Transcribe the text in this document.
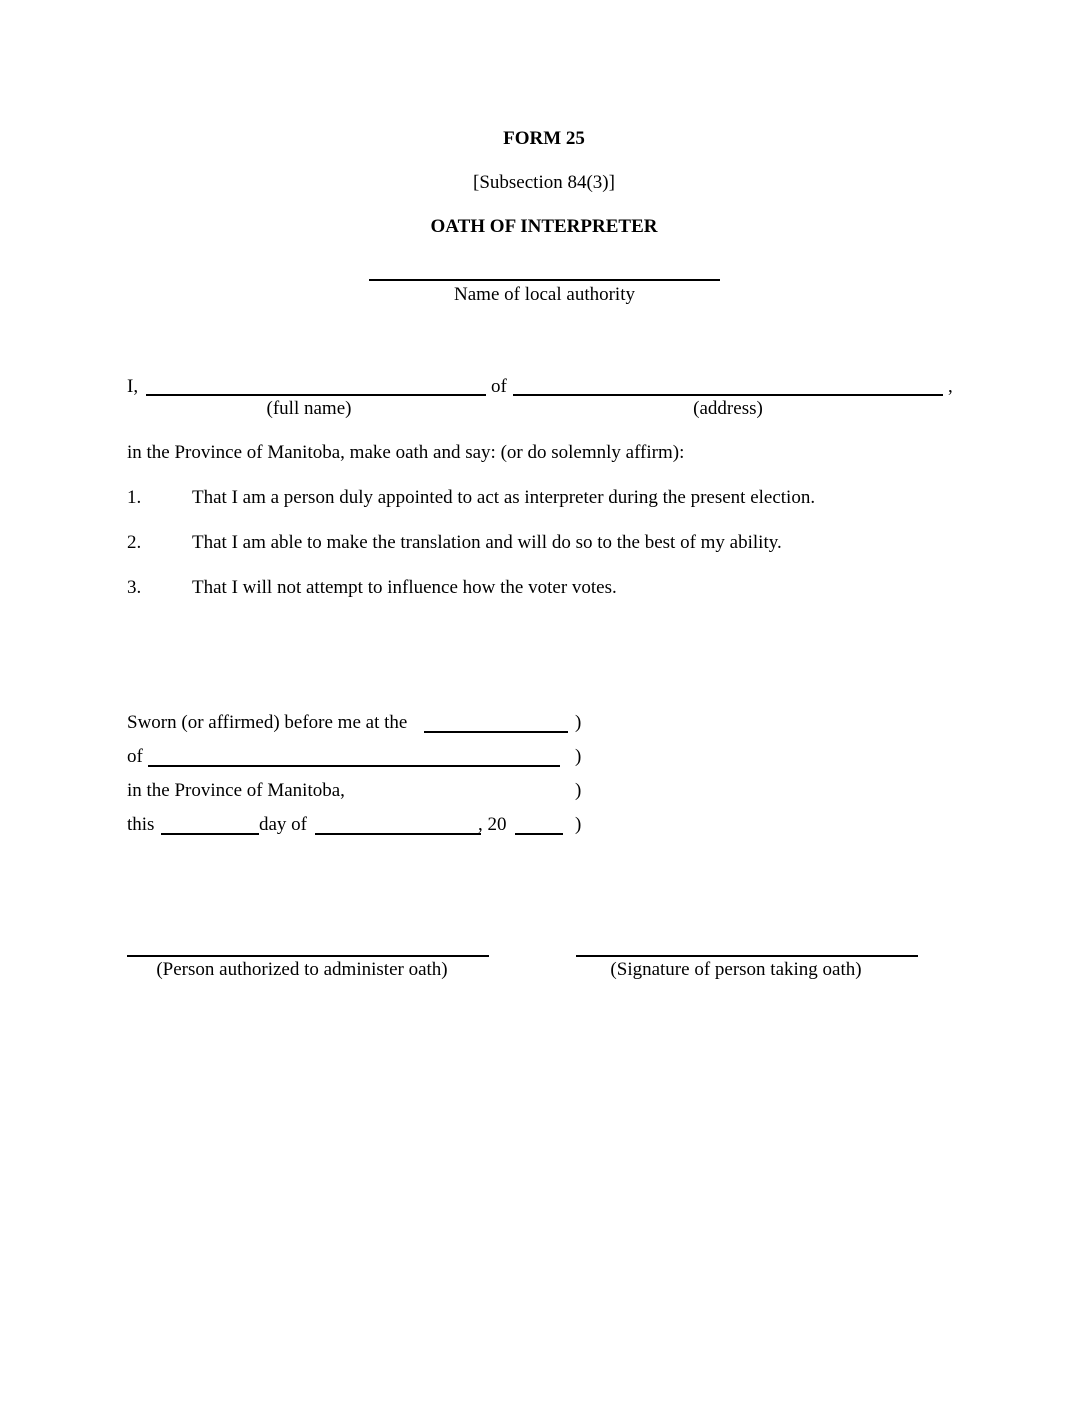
FORM 25
[Subsection 84(3)]
OATH OF INTERPRETER
Name of local authority
I,	of	,
(full name)	(address)
in the Province of Manitoba, make oath and say: (or do solemnly affirm):
1.	That I am a person duly appointed to act as interpreter during the present election.
2.	That I am able to make the translation and will do so to the best of my ability.
3.	That I will not attempt to influence how the voter votes.
Sworn (or affirmed) before me at the	)
of	)
in the Province of Manitoba,	)
this	day of	, 20	)
(Person authorized to administer oath)	(Signature of person taking oath)
